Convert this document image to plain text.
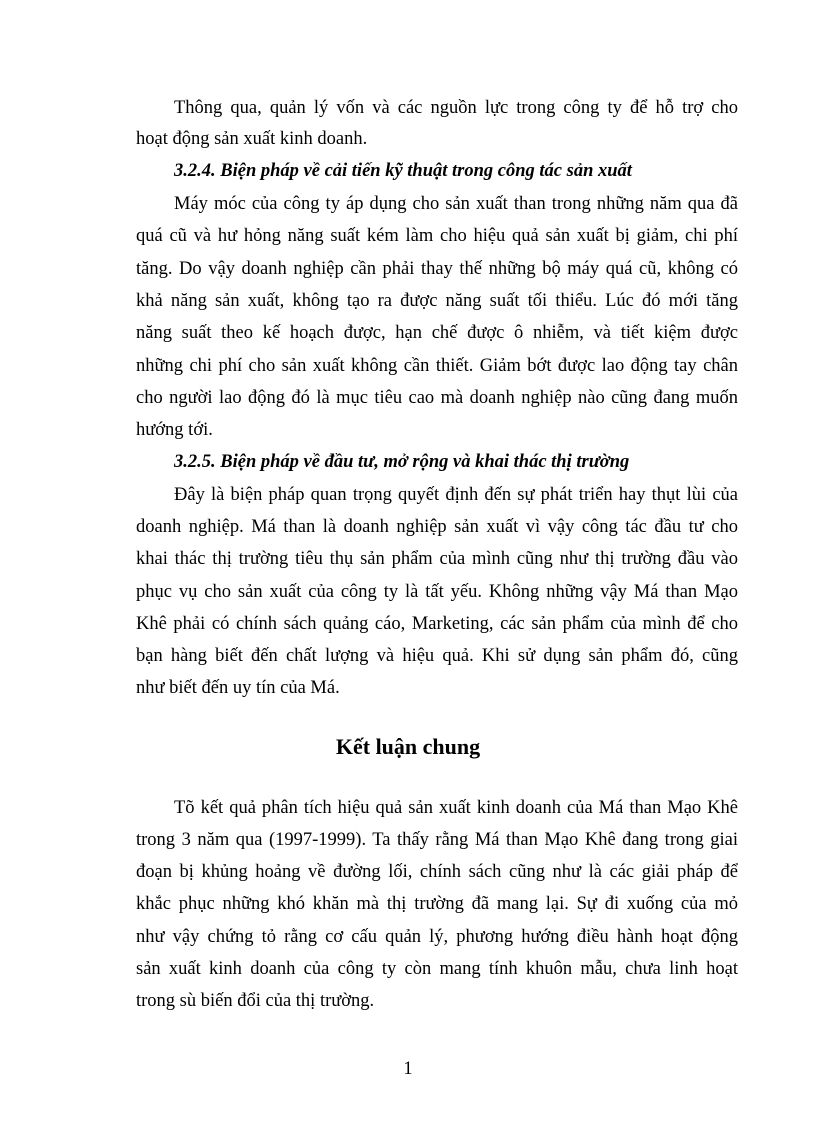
Thông qua, quản lý vốn và các nguồn lực trong công ty để hỗ trợ cho
hoạt động sản xuất kinh doanh.
3.2.4. Biện pháp về cải tiến kỹ thuật trong công tác sản xuất
Máy móc của công ty áp dụng cho sản xuất than trong những năm qua đã
quá cũ và hư hỏng năng suất kém làm cho hiệu quả sản xuất bị giảm, chi phí
tăng. Do vậy doanh nghiệp cần phải thay thế những bộ máy quá cũ, không có
khả năng sản xuất, không tạo ra được năng suất tối thiểu. Lúc đó mới tăng
năng suất theo kế hoạch được, hạn chế được ô nhiễm, và tiết kiệm được
những chi phí cho sản xuất không cần thiết. Giảm bớt được lao động tay chân
cho người lao động đó là mục tiêu cao mà doanh nghiệp nào cũng đang muốn
hướng tới.
3.2.5. Biện pháp về đầu tư, mở rộng và khai thác thị trường
Đây là biện pháp quan trọng quyết định đến sự phát triển hay thụt lùi của
doanh nghiệp. Má than là doanh nghiệp sản xuất vì vậy công tác đầu tư cho
khai thác thị trường tiêu thụ sản phẩm của mình cũng như thị trường đầu vào
phục vụ cho sản xuất của công ty là tất yếu. Không những vậy Má than Mạo
Khê phải có chính sách quảng cáo, Marketing, các sản phẩm của mình để cho
bạn hàng biết đến chất lượng và hiệu quả. Khi sử dụng sản phẩm đó, cũng
như biết đến uy tín của Má.
Kết luận chung
Tõ kết quả phân tích hiệu quả sản xuất kinh doanh của Má than Mạo Khê
trong 3 năm qua (1997-1999). Ta thấy rằng Má than Mạo Khê đang trong giai
đoạn bị khủng hoảng về đường lối, chính sách cũng như là các giải pháp để
khắc phục những khó khăn mà thị trường đã mang lại. Sự đi xuống của mỏ
như vậy chứng tỏ rằng cơ cấu quản lý, phương hướng điều hành hoạt động
sản xuất kinh doanh của công ty còn mang tính khuôn mẫu, chưa linh hoạt
trong sù biến đổi của thị trường.
1
